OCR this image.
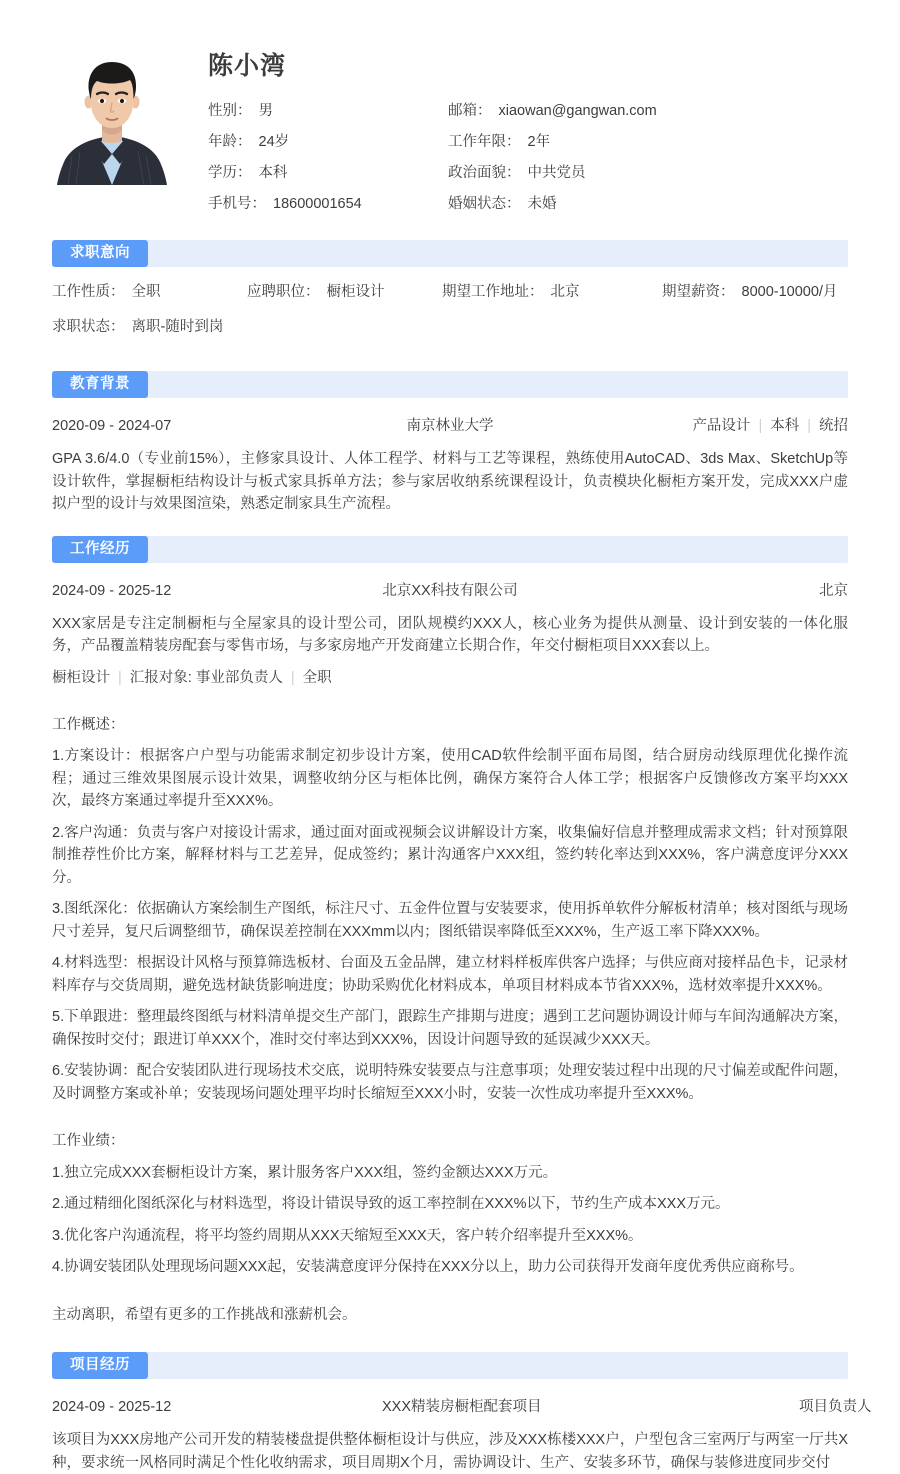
陈小湾
性别： 男	邮箱： xiaowan@gangwan.com
年龄： 24岁	工作年限： 2年
学历： 本科	政治面貌： 中共党员
手机号： 18600001654	婚姻状态： 未婚
求职意向
工作性质： 全职	应聘职位： 橱柜设计	期望工作地址： 北京	期望薪资： 8000-10000/月
求职状态： 离职-随时到岗
教育背景
2020-09 - 2024-07	南京林业大学	产品设计 | 本科 | 统招

GPA 3.6/4.0（专业前15%），主修家具设计、人体工程学、材料与工艺等课程，熟练使用AutoCAD、3ds Max、SketchUp等设计软件，掌握橱柜结构设计与板式家具拆单方法；参与家居收纳系统课程设计，负责模块化橱柜方案开发，完成XXX户虚拟户型的设计与效果图渲染，熟悉定制家具生产流程。

工作经历
2024-09 - 2025-12	北京XX科技有限公司	北京

XXX家居是专注定制橱柜与全屋家具的设计型公司，团队规模约XXX人，核心业务为提供从测量、设计到安装的一体化服务，产品覆盖精装房配套与零售市场，与多家房地产开发商建立长期合作，年交付橱柜项目XXX套以上。

橱柜设计 | 汇报对象: 事业部负责人 | 全职

工作概述：

1.方案设计：根据客户户型与功能需求制定初步设计方案，使用CAD软件绘制平面布局图，结合厨房动线原理优化操作流程；通过三维效果图展示设计效果，调整收纳分区与柜体比例，确保方案符合人体工学；根据客户反馈修改方案平均XXX次，最终方案通过率提升至XXX%。

2.客户沟通：负责与客户对接设计需求，通过面对面或视频会议讲解设计方案，收集偏好信息并整理成需求文档；针对预算限制推荐性价比方案，解释材料与工艺差异，促成签约；累计沟通客户XXX组，签约转化率达到XXX%，客户满意度评分XXX分。

3.图纸深化：依据确认方案绘制生产图纸，标注尺寸、五金件位置与安装要求，使用拆单软件分解板材清单；核对图纸与现场尺寸差异，复尺后调整细节，确保误差控制在XXXmm以内；图纸错误率降低至XXX%，生产返工率下降XXX%。

4.材料选型：根据设计风格与预算筛选板材、台面及五金品牌，建立材料样板库供客户选择；与供应商对接样品色卡，记录材料库存与交货周期，避免选材缺货影响进度；协助采购优化材料成本，单项目材料成本节省XXX%，选材效率提升XXX%。

5.下单跟进：整理最终图纸与材料清单提交生产部门，跟踪生产排期与进度；遇到工艺问题协调设计师与车间沟通解决方案，确保按时交付；跟进订单XXX个，准时交付率达到XXX%，因设计问题导致的延误减少XXX天。

6.安装协调：配合安装团队进行现场技术交底，说明特殊安装要点与注意事项；处理安装过程中出现的尺寸偏差或配件问题，及时调整方案或补单；安装现场问题处理平均时长缩短至XXX小时，安装一次性成功率提升至XXX%。

工作业绩：

1.独立完成XXX套橱柜设计方案，累计服务客户XXX组，签约金额达XXX万元。

2.通过精细化图纸深化与材料选型，将设计错误导致的返工率控制在XXX%以下，节约生产成本XXX万元。

3.优化客户沟通流程，将平均签约周期从XXX天缩短至XXX天，客户转介绍率提升至XXX%。

4.协调安装团队处理现场问题XXX起，安装满意度评分保持在XXX分以上，助力公司获得开发商年度优秀供应商称号。

主动离职，希望有更多的工作挑战和涨薪机会。

项目经历
2024-09 - 2025-12	XXX精装房橱柜配套项目	项目负责人

该项目为XXX房地产公司开发的精装楼盘提供整体橱柜设计与供应，涉及XXX栋楼XXX户，户型包含三室两厅与两室一厅共X种，要求统一风格同时满足个性化收纳需求，项目周期X个月，需协调设计、生产、安装多环节，确保与装修进度同步交付
